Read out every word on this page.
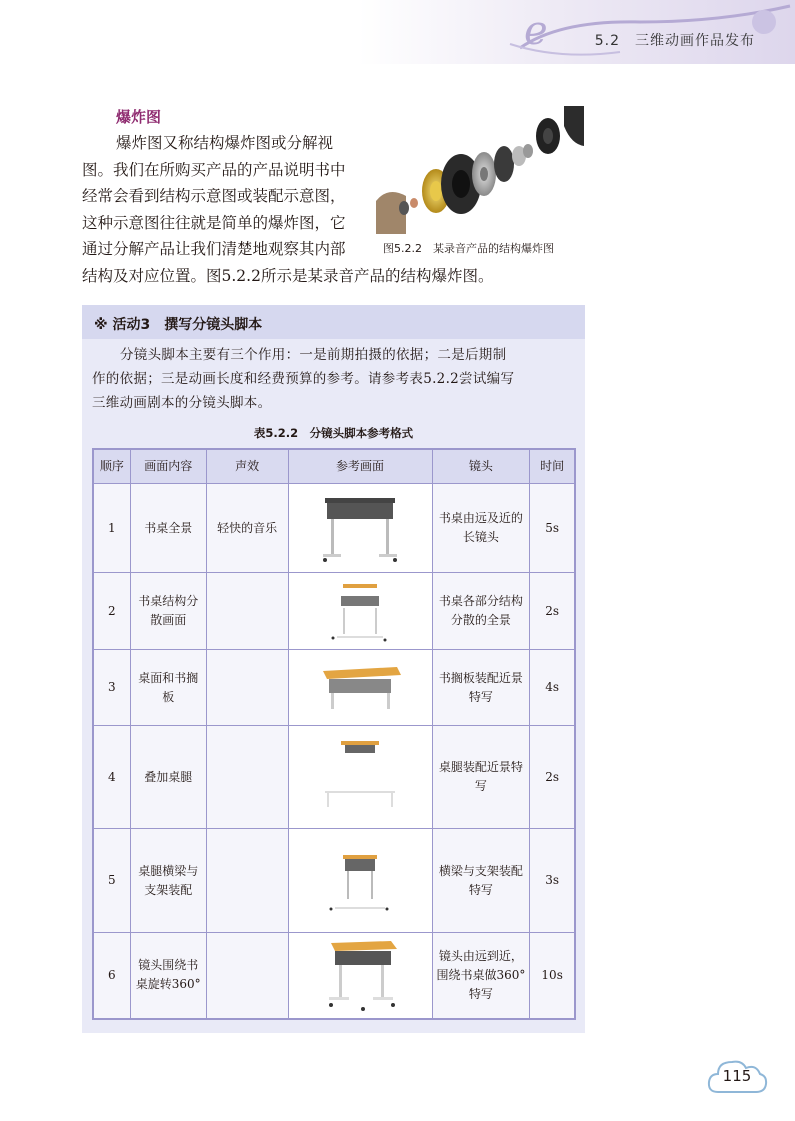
e	5.2　三维动画作品发布
爆炸图
爆炸图又称结构爆炸图或分解视
图。我们在所购买产品的产品说明书中
经常会看到结构示意图或装配示意图，
这种示意图往往就是简单的爆炸图，它
通过分解产品让我们清楚地观察其内部
结构及对应位置。图5.2.2所示是某录音产品的结构爆炸图。
图5.2.2　某录音产品的结构爆炸图
※ 活动3　撰写分镜头脚本
分镜头脚本主要有三个作用：一是前期拍摄的依据；二是后期制
作的依据；三是动画长度和经费预算的参考。请参考表5.2.2尝试编写
三维动画剧本的分镜头脚本。
表5.2.2　分镜头脚本参考格式
顺序	画面内容	声效	参考画面	镜头	时间
1	书桌全景	轻快的音乐		书桌由远及近的长镜头	5s
2	书桌结构分散画面			书桌各部分结构分散的全景	2s
3	桌面和书搁板			书搁板装配近景特写	4s
4	叠加桌腿			桌腿装配近景特写	2s
5	桌腿横梁与支架装配			横梁与支架装配特写	3s
6	镜头围绕书桌旋转360°			镜头由远到近，围绕书桌做360° 特写	10s
115
